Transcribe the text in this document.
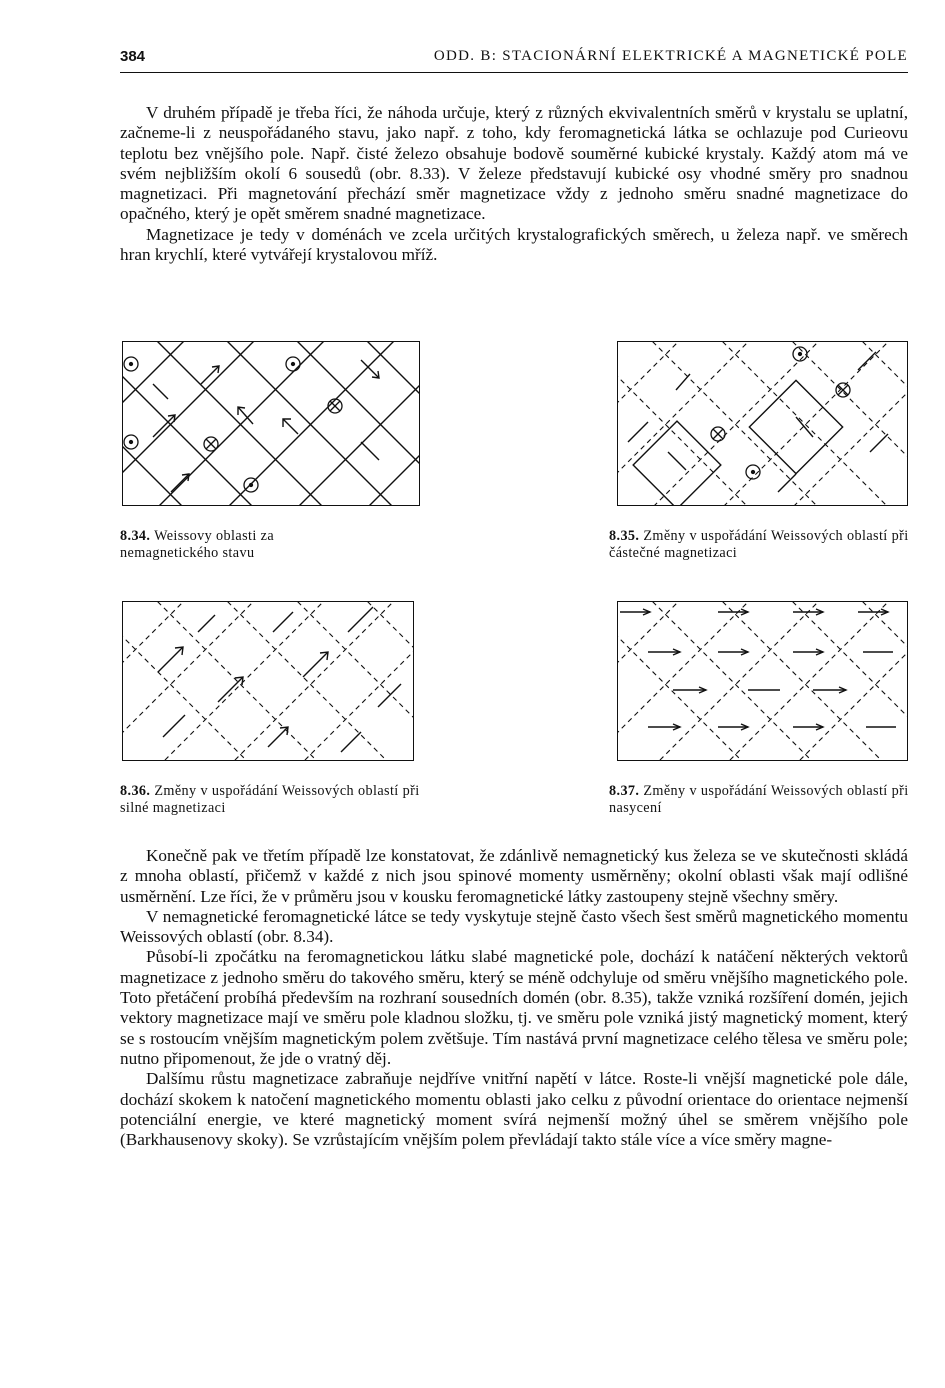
384	ODD. B: STACIONÁRNÍ ELEKTRICKÉ A MAGNETICKÉ POLE

V druhém případě je třeba říci, že náhoda určuje, který z různých ekvivalentních směrů v krystalu se uplatní, začneme-li z neuspořádaného stavu, jako např. z toho, kdy feromagnetická látka se ochlazuje pod Curieovu teplotu bez vnějšího pole. Např. čisté železo obsahuje bodově souměrné kubické krystaly. Každý atom má ve svém nejbližším okolí 6 sousedů (obr. 8.33). V železe představují kubické osy vhodné směry pro snadnou magnetizaci. Při magnetování přechází směr magnetizace vždy z jednoho směru snadné magnetizace do opačného, který je opět směrem snadné magnetizace.

Magnetizace je tedy v doménách ve zcela určitých krystalografických směrech, u železa např. ve směrech hran krychlí, které vytvářejí krystalovou mříž.

8.34. Weissovy oblasti za nemagnetického stavu
8.35. Změny v uspořádání Weissových oblastí při částečné magnetizaci
8.36. Změny v uspořádání Weissových oblastí při silné magnetizaci
8.37. Změny v uspořádání Weissových oblastí při nasycení

Konečně pak ve třetím případě lze konstatovat, že zdánlivě nemagnetický kus železa se ve skutečnosti skládá z mnoha oblastí, přičemž v každé z nich jsou spinové momenty usměrněny; okolní oblasti však mají odlišné usměrnění. Lze říci, že v průměru jsou v kousku feromagnetické látky zastoupeny stejně všechny směry.

V nemagnetické feromagnetické látce se tedy vyskytuje stejně často všech šest směrů magnetického momentu Weissových oblastí (obr. 8.34).

Působí-li zpočátku na feromagnetickou látku slabé magnetické pole, dochází k natáčení některých vektorů magnetizace z jednoho směru do takového směru, který se méně odchyluje od směru vnějšího magnetického pole. Toto přetáčení probíhá především na rozhraní sousedních domén (obr. 8.35), takže vzniká rozšíření domén, jejich vektory magnetizace mají ve směru pole kladnou složku, tj. ve směru pole vzniká jistý magnetický moment, který se s rostoucím vnějším magnetickým polem zvětšuje. Tím nastává první magnetizace celého tělesa ve směru pole; nutno připomenout, že jde o vratný děj.

Dalšímu růstu magnetizace zabraňuje nejdříve vnitřní napětí v látce. Roste-li vnější magnetické pole dále, dochází skokem k natočení magnetického momentu oblasti jako celku z původní orientace do orientace nejmenší potenciální energie, ve které magnetický moment svírá nejmenší možný úhel se směrem vnějšího pole (Barkhausenovy skoky). Se vzrůstajícím vnějším polem převládají takto stále více a více směry magne-
